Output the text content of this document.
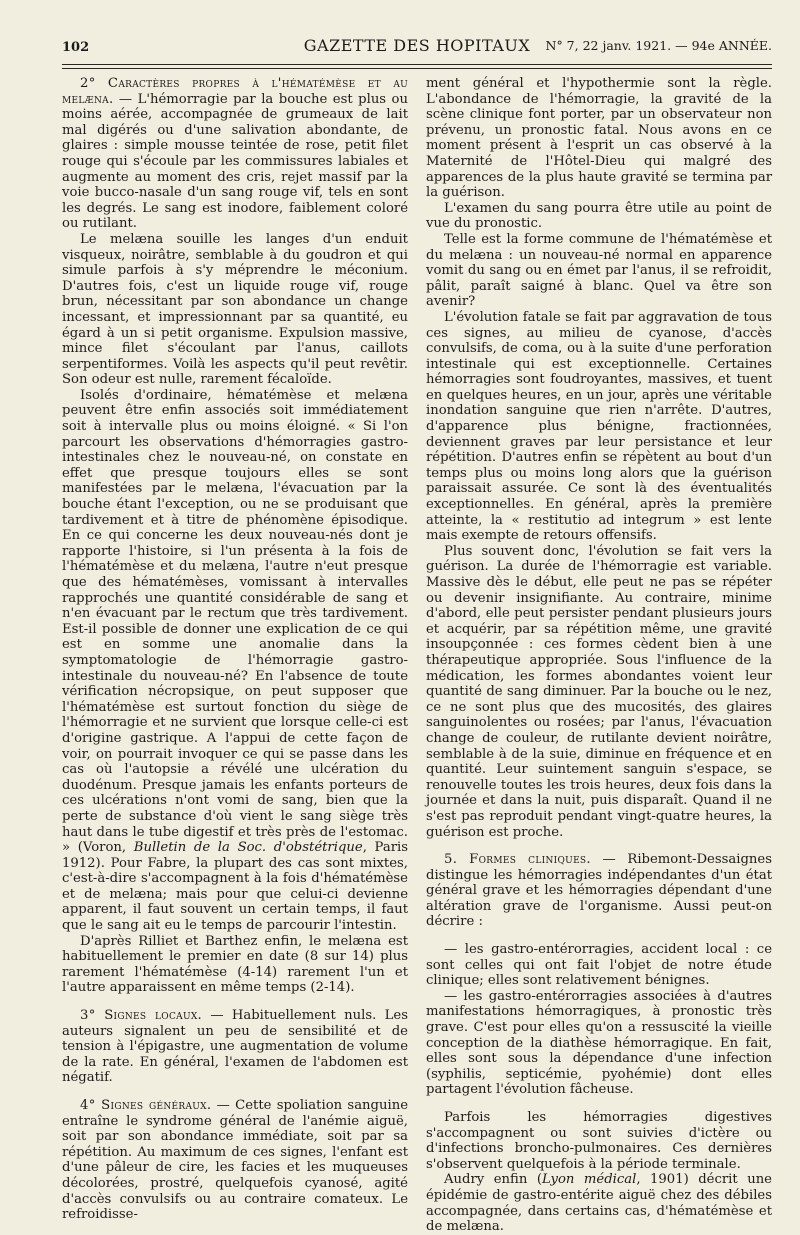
102	GAZETTE DES HOPITAUX	N° 7, 22 janv. 1921. — 94e ANNÉE.

2° Caractères propres à l'hématémèse et au melæna. — L'hémorragie par la bouche est plus ou moins aérée, accompagnée de grumeaux de lait mal digérés ou d'une salivation abondante, de glaires : simple mousse teintée de rose, petit filet rouge qui s'écoule par les commissures labiales et augmente au moment des cris, rejet massif par la voie bucco-nasale d'un sang rouge vif, tels en sont les degrés. Le sang est inodore, faiblement coloré ou rutilant.

Le melæna souille les langes d'un enduit visqueux, noirâtre, semblable à du goudron et qui simule parfois à s'y méprendre le méconium. D'autres fois, c'est un liquide rouge vif, rouge brun, nécessitant par son abondance un change incessant, et impressionnant par sa quantité, eu égard à un si petit organisme. Expulsion massive, mince filet s'écoulant par l'anus, caillots serpentiformes. Voilà les aspects qu'il peut revêtir. Son odeur est nulle, rarement fécaloïde.

Isolés d'ordinaire, hématémèse et melæna peuvent être enfin associés soit immédiatement soit à intervalle plus ou moins éloigné. « Si l'on parcourt les observations d'hémorragies gastro-intestinales chez le nouveau-né, on constate en effet que presque toujours elles se sont manifestées par le melæna, l'évacuation par la bouche étant l'exception, ou ne se produisant que tardivement et à titre de phénomène épisodique. En ce qui concerne les deux nouveau-nés dont je rapporte l'histoire, si l'un présenta à la fois de l'hématémèse et du melæna, l'autre n'eut presque que des hématémèses, vomissant à intervalles rapprochés une quantité considérable de sang et n'en évacuant par le rectum que très tardivement. Est-il possible de donner une explication de ce qui est en somme une anomalie dans la symptomatologie de l'hémorragie gastro-intestinale du nouveau-né? En l'absence de toute vérification nécropsique, on peut supposer que l'hématémèse est surtout fonction du siège de l'hémorragie et ne survient que lorsque celle-ci est d'origine gastrique. A l'appui de cette façon de voir, on pourrait invoquer ce qui se passe dans les cas où l'autopsie a révélé une ulcération du duodénum. Presque jamais les enfants porteurs de ces ulcérations n'ont vomi de sang, bien que la perte de substance d'où vient le sang siège très haut dans le tube digestif et très près de l'estomac. » (Voron, Bulletin de la Soc. d'obstétrique, Paris 1912). Pour Fabre, la plupart des cas sont mixtes, c'est-à-dire s'accompagnent à la fois d'hématémèse et de melæna; mais pour que celui-ci devienne apparent, il faut souvent un certain temps, il faut que le sang ait eu le temps de parcourir l'intestin.

D'après Rilliet et Barthez enfin, le melæna est habituellement le premier en date (8 sur 14) plus rarement l'hématémèse (4-14) rarement l'un et l'autre apparaissent en même temps (2-14).

3° Signes locaux. — Habituellement nuls. Les auteurs signalent un peu de sensibilité et de tension à l'épigastre, une augmentation de volume de la rate. En général, l'examen de l'abdomen est négatif.

4° Signes généraux. — Cette spoliation sanguine entraîne le syndrome général de l'anémie aiguë, soit par son abondance immédiate, soit par sa répétition. Au maximum de ces signes, l'enfant est d'une pâleur de cire, les facies et les muqueuses décolorées, prostré, quelquefois cyanosé, agité d'accès convulsifs ou au contraire comateux. Le refroidisse-

ment général et l'hypothermie sont la règle. L'abondance de l'hémorragie, la gravité de la scène clinique font porter, par un observateur non prévenu, un pronostic fatal. Nous avons en ce moment présent à l'esprit un cas observé à la Maternité de l'Hôtel-Dieu qui malgré des apparences de la plus haute gravité se termina par la guérison.

L'examen du sang pourra être utile au point de vue du pronostic.

Telle est la forme commune de l'hématémèse et du melæna : un nouveau-né normal en apparence vomit du sang ou en émet par l'anus, il se refroidit, pâlit, paraît saigné à blanc. Quel va être son avenir?

L'évolution fatale se fait par aggravation de tous ces signes, au milieu de cyanose, d'accès convulsifs, de coma, ou à la suite d'une perforation intestinale qui est exceptionnelle. Certaines hémorragies sont foudroyantes, massives, et tuent en quelques heures, en un jour, après une véritable inondation sanguine que rien n'arrête. D'autres, d'apparence plus bénigne, fractionnées, deviennent graves par leur persistance et leur répétition. D'autres enfin se répètent au bout d'un temps plus ou moins long alors que la guérison paraissait assurée. Ce sont là des éventualités exceptionnelles. En général, après la première atteinte, la « restitutio ad integrum » est lente mais exempte de retours offensifs.

Plus souvent donc, l'évolution se fait vers la guérison. La durée de l'hémorragie est variable. Massive dès le début, elle peut ne pas se répéter ou devenir insignifiante. Au contraire, minime d'abord, elle peut persister pendant plusieurs jours et acquérir, par sa répétition même, une gravité insoupçonnée : ces formes cèdent bien à une thérapeutique appropriée. Sous l'influence de la médication, les formes abondantes voient leur quantité de sang diminuer. Par la bouche ou le nez, ce ne sont plus que des mucosités, des glaires sanguinolentes ou rosées; par l'anus, l'évacuation change de couleur, de rutilante devient noirâtre, semblable à de la suie, diminue en fréquence et en quantité. Leur suintement sanguin s'espace, se renouvelle toutes les trois heures, deux fois dans la journée et dans la nuit, puis disparaît. Quand il ne s'est pas reproduit pendant vingt-quatre heures, la guérison est proche.

5. Formes cliniques. — Ribemont-Dessaignes distingue les hémorragies indépendantes d'un état général grave et les hémorragies dépendant d'une altération grave de l'organisme. Aussi peut-on décrire :

— les gastro-entérorragies, accident local : ce sont celles qui ont fait l'objet de notre étude clinique; elles sont relativement bénignes.

— les gastro-entérorragies associées à d'autres manifestations hémorragiques, à pronostic très grave. C'est pour elles qu'on a ressuscité la vieille conception de la diathèse hémorragique. En fait, elles sont sous la dépendance d'une infection (syphilis, septicémie, pyohémie) dont elles partagent l'évolution fâcheuse.

Parfois les hémorragies digestives s'accompagnent ou sont suivies d'ictère ou d'infections broncho-pulmonaires. Ces dernières s'observent quelquefois à la période terminale.

Audry enfin (Lyon médical, 1901) décrit une épidémie de gastro-entérite aiguë chez des débiles accompagnée, dans certains cas, d'hématémèse et de melæna.
